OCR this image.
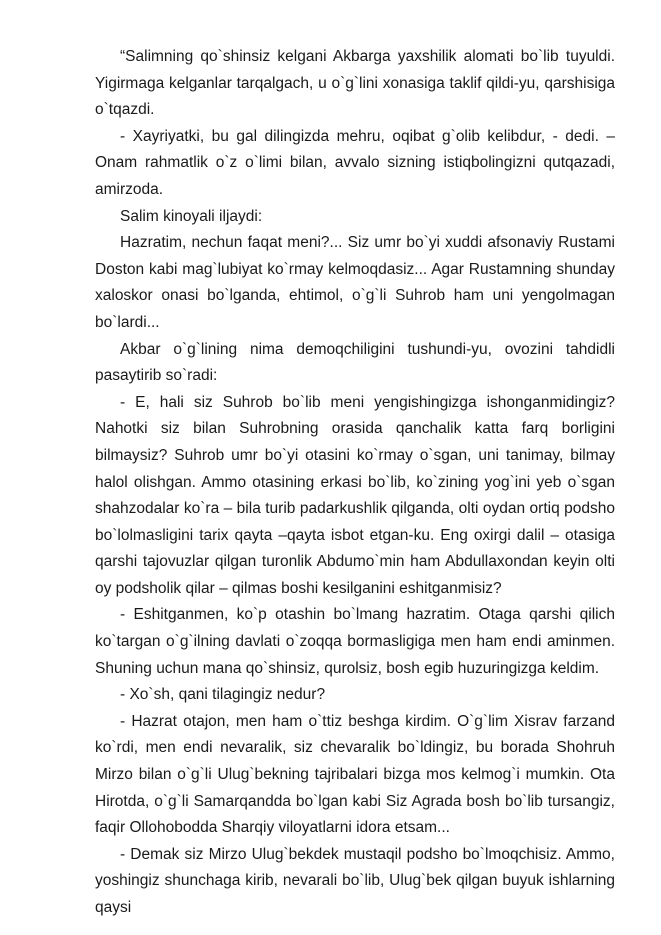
“Salimning qo`shinsiz kelgani Akbarga yaxshilik alomati bo`lib tuyuldi. Yigirmaga kelganlar tarqalgach, u o`g`lini xonasiga taklif qildi-yu, qarshisiga o`tqazdi.

- Xayriyatki, bu gal dilingizda mehru, oqibat g`olib kelibdur, - dedi. –Onam rahmatlik o`z o`limi bilan, avvalo sizning istiqbolingizni qutqazadi, amirzoda.

Salim kinoyali iljaydi:

Hazratim, nechun faqat meni?... Siz umr bo`yi xuddi afsonaviy Rustami Doston kabi mag`lubiyat ko`rmay kelmoqdasiz... Agar Rustamning shunday xaloskor onasi bo`lganda, ehtimol, o`g`li Suhrob ham uni yengolmagan bo`lardi...

Akbar o`g`lining nima demoqchiligini tushundi-yu, ovozini tahdidli pasaytirib so`radi:

- E, hali siz Suhrob bo`lib meni yengishingizga ishonganmidingiz? Nahotki siz bilan Suhrobning orasida qanchalik katta farq borligini bilmaysiz? Suhrob umr bo`yi otasini ko`rmay o`sgan, uni tanimay, bilmay halol olishgan. Ammo otasining erkasi bo`lib, ko`zining yog`ini yeb o`sgan shahzodalar ko`ra – bila turib padarkushlik qilganda, olti oydan ortiq podsho bo`lolmasligini tarix qayta –qayta isbot etgan-ku. Eng oxirgi dalil – otasiga qarshi tajovuzlar qilgan turonlik Abdumo`min ham Abdullaxondan keyin olti oy podsholik qilar – qilmas boshi kesilganini eshitganmisiz?

- Eshitganmen, ko`p otashin bo`lmang hazratim. Otaga qarshi qilich ko`targan o`g`ilning davlati o`zoqqa bormasligiga men ham endi aminmen. Shuning uchun mana qo`shinsiz, qurolsiz, bosh egib huzuringizga keldim.

- Xo`sh, qani tilagingiz nedur?

- Hazrat otajon, men ham o`ttiz beshga kirdim. O`g`lim Xisrav farzand ko`rdi, men endi nevaralik, siz chevaralik bo`ldingiz, bu borada Shohruh Mirzo bilan o`g`li Ulug`bekning tajribalari bizga mos kelmog`i mumkin. Ota Hirotda, o`g`li Samarqandda bo`lgan kabi Siz Agrada bosh bo`lib tursangiz, faqir Ollohobodda Sharqiy viloyatlarni idora etsam...

- Demak siz Mirzo Ulug`bekdek mustaqil podsho bo`lmoqchisiz. Ammo, yoshingiz shunchaga kirib, nevarali bo`lib, Ulug`bek qilgan buyuk ishlarning qaysi
